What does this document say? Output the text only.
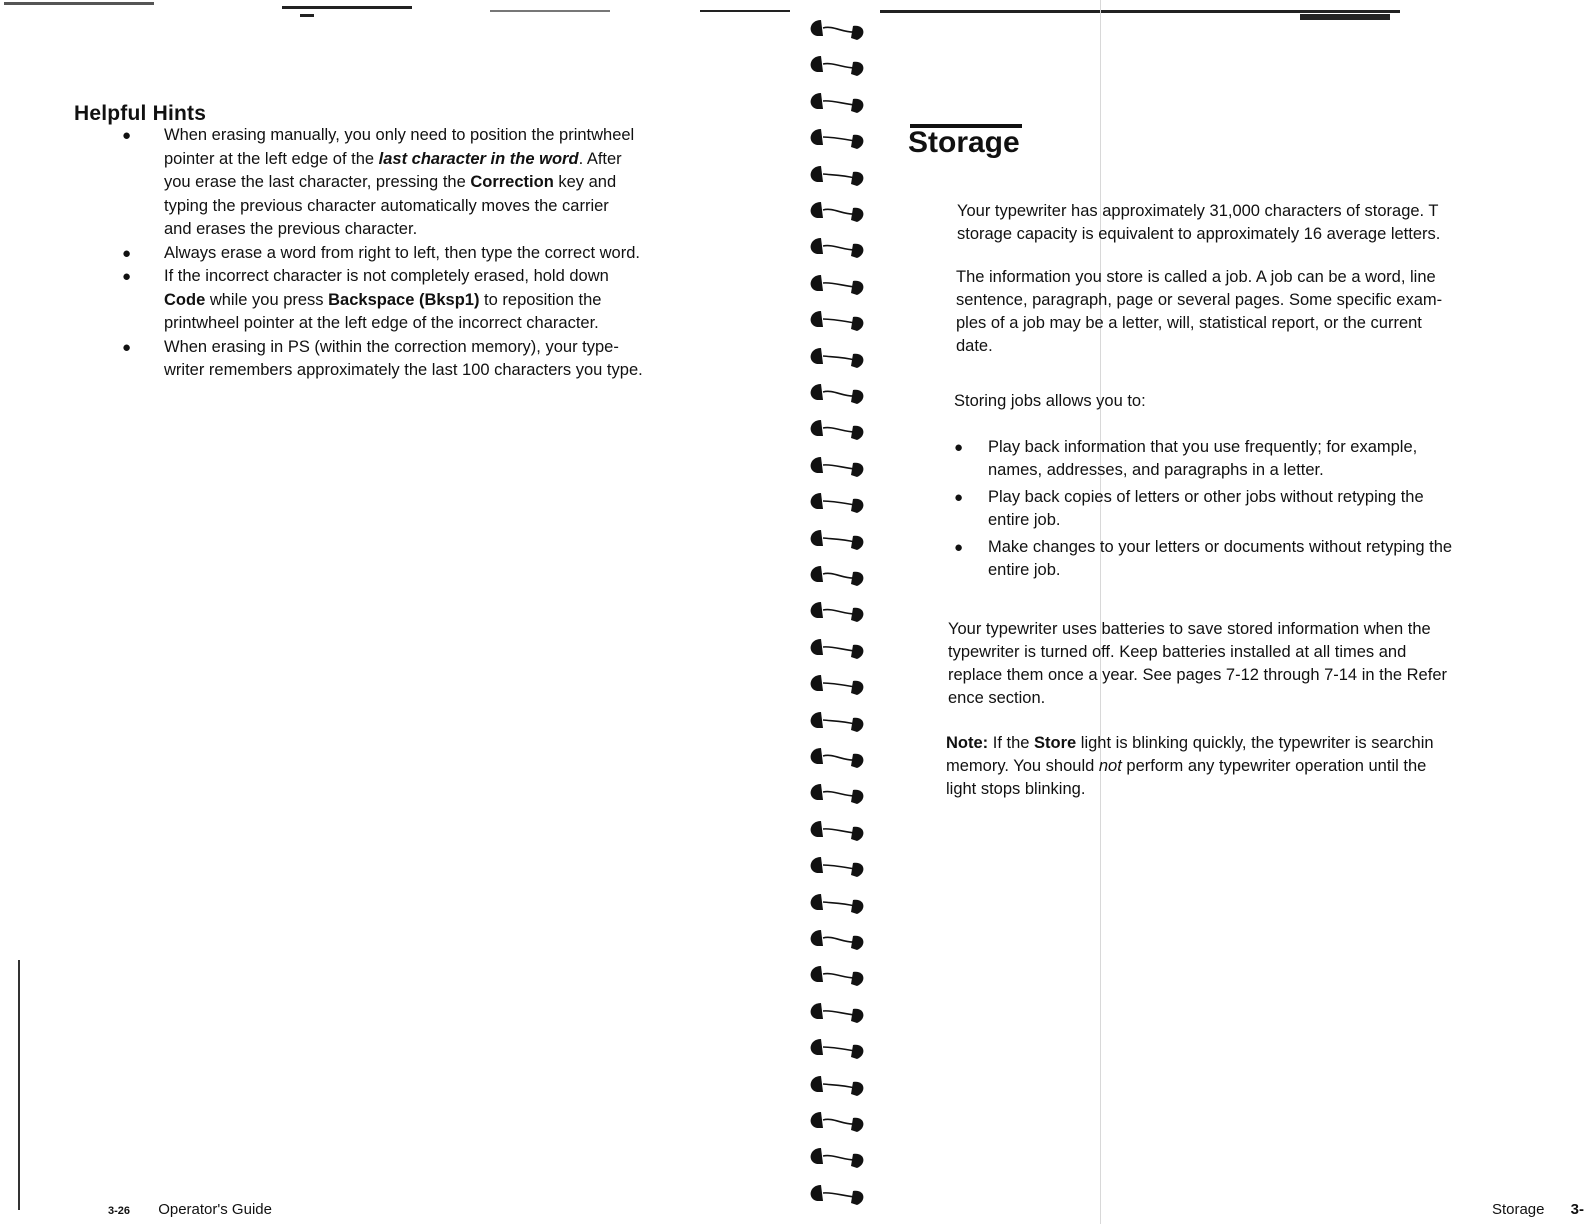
Helpful Hints
● When erasing manually, you only need to position the printwheel
pointer at the left edge of the last character in the word. After
you erase the last character, pressing the Correction key and
typing the previous character automatically moves the carrier
and erases the previous character.
● Always erase a word from right to left, then type the correct word.
● If the incorrect character is not completely erased, hold down
Code while you press Backspace (Bksp1) to reposition the
printwheel pointer at the left edge of the incorrect character.
● When erasing in PS (within the correction memory), your type-
writer remembers approximately the last 100 characters you type.
3-26 Operator's Guide
Storage

Your typewriter has approximately 31,000 characters of storage. T
storage capacity is equivalent to approximately 16 average letters.

The information you store is called a job. A job can be a word, line
sentence, paragraph, page or several pages. Some specific exam-
ples of a job may be a letter, will, statistical report, or the current
date.

Storing jobs allows you to:

● Play back information that you use frequently; for example,
names, addresses, and paragraphs in a letter.
● Play back copies of letters or other jobs without retyping the
entire job.
● Make changes to your letters or documents without retyping the
entire job.

Your typewriter uses batteries to save stored information when the
typewriter is turned off. Keep batteries installed at all times and
replace them once a year. See pages 7-12 through 7-14 in the Refer
ence section.

Note: If the Store light is blinking quickly, the typewriter is searchin
memory. You should not perform any typewriter operation until the
light stops blinking.

Storage 3-
